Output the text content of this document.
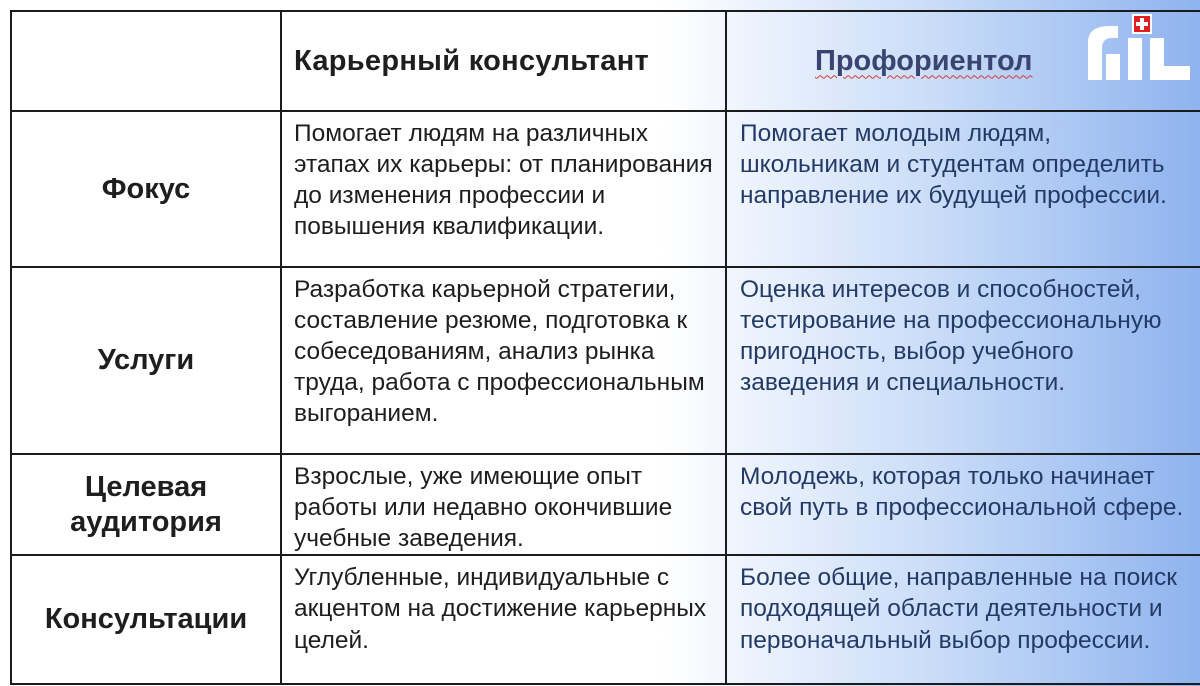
	Карьерный консультант	Профориентол

Фокус	Помогает людям на различных этапах их карьеры: от планирования до изменения профессии и повышения квалификации.	Помогает молодым людям, школьникам и студентам определить направление их будущей профессии.
Услуги	Разработка карьерной стратегии, составление резюме, подготовка к собеседованиям, анализ рынка труда, работа с профессиональным выгоранием.	Оценка интересов и способностей, тестирование на профессиональную пригодность, выбор учебного заведения и специальности.
Целевая аудитория	Взрослые, уже имеющие опыт работы или недавно окончившие учебные заведения.	Молодежь, которая только начинает свой путь в профессиональной сфере.
Консультации	Углубленные, индивидуальные с акцентом на достижение карьерных целей.	Более общие, направленные на поиск подходящей области деятельности и первоначальный выбор профессии.
